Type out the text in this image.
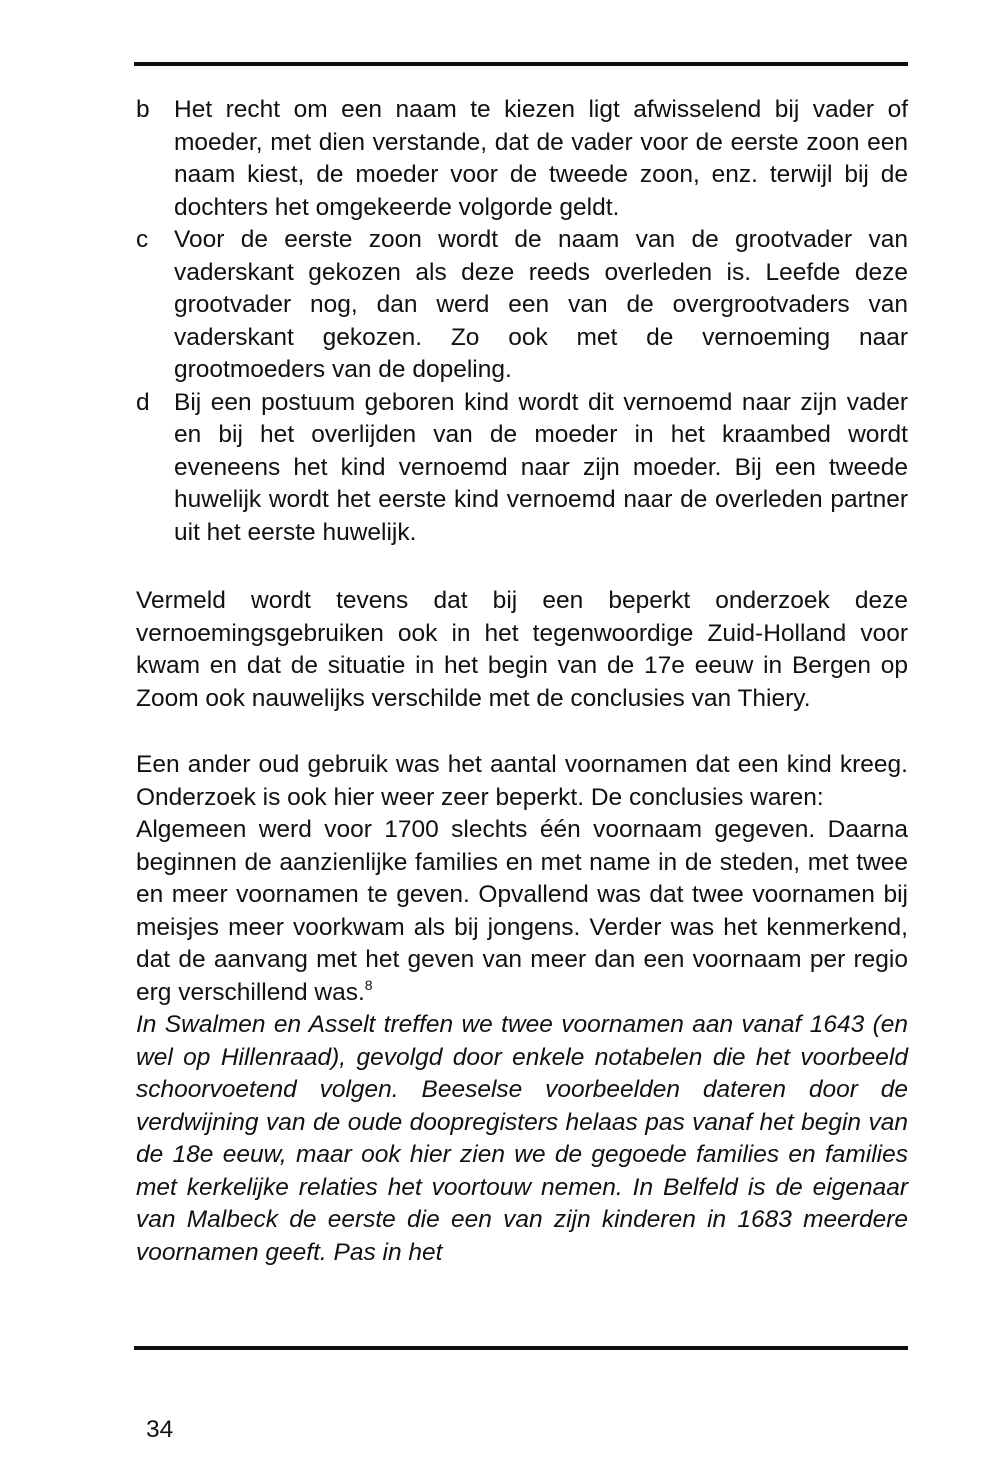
b Het recht om een naam te kiezen ligt afwisselend bij vader of moeder, met dien verstande, dat de vader voor de eerste zoon een naam kiest, de moeder voor de tweede zoon, enz. terwijl bij de dochters het omgekeerde volgorde geldt.
c	Voor de eerste zoon wordt de naam van de grootvader van vaderskant gekozen als deze reeds overleden is. Leefde deze grootvader nog, dan werd een van de overgrootvaders van vaderskant gekozen. Zo ook met de vernoeming naar grootmoeders van de dopeling.
d Bij een postuum geboren kind wordt dit vernoemd naar zijn vader en bij het overlijden van de moeder in het kraambed wordt eveneens het kind vernoemd naar zijn moeder. Bij een tweede huwelijk wordt het eerste kind vernoemd naar de overleden partner uit het eerste huwelijk.

Vermeld wordt tevens dat bij een beperkt onderzoek deze vernoemingsgebruiken ook in het tegenwoordige Zuid-Holland voor kwam en dat de situatie in het begin van de 17e eeuw in Bergen op Zoom ook nauwelijks verschilde met de conclusies van Thiery.

Een ander oud gebruik was het aantal voornamen dat een kind kreeg. Onderzoek is ook hier weer zeer beperkt. De conclusies waren:

Algemeen werd voor 1700 slechts één voornaam gegeven. Daarna beginnen de aanzienlijke families en met name in de steden, met twee en meer voornamen te geven. Opvallend was dat twee voornamen bij meisjes meer voorkwam als bij jongens. Verder was het kenmerkend, dat de aanvang met het geven van meer dan een voornaam per regio erg verschillend was.$^8$

In Swalmen en Asselt treffen we twee voornamen aan vanaf 1643 (en wel op Hillenraad), gevolgd door enkele notabelen die het voorbeeld schoorvoetend volgen. Beeselse voorbeelden dateren door de verdwijning van de oude doopregisters helaas pas vanaf het begin van de 18e eeuw, maar ook hier zien we de gegoede families en families met kerkelijke relaties het voortouw nemen. In Belfeld is de eigenaar van Malbeck de eerste die een van zijn kinderen in 1683 meerdere voornamen geeft. Pas in het

34
